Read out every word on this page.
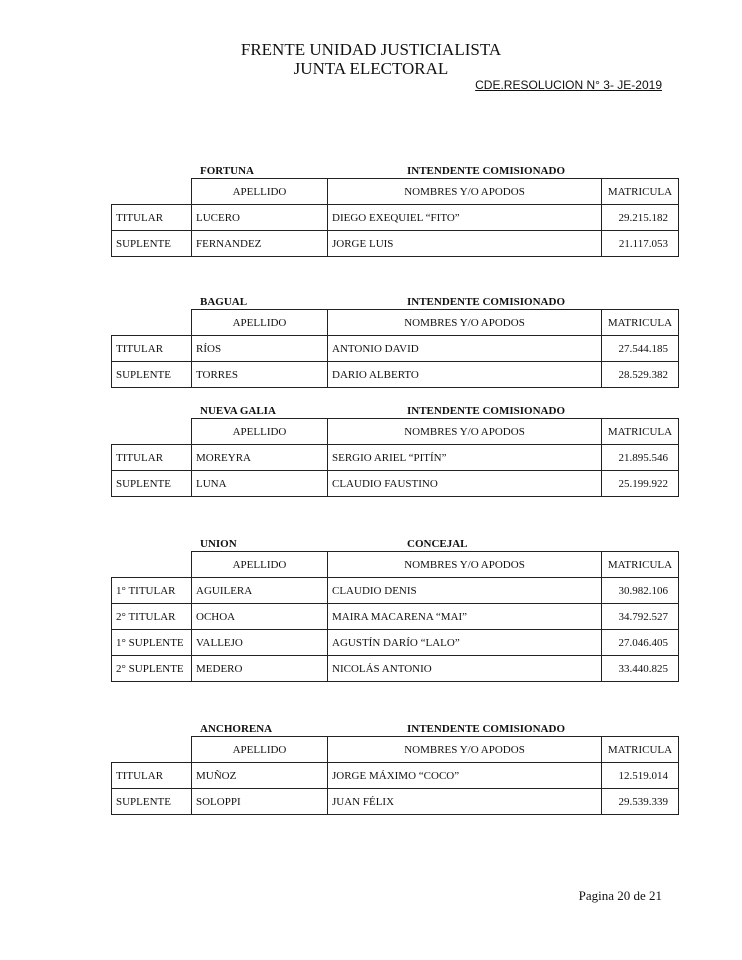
FRENTE UNIDAD JUSTICIALISTA
JUNTA ELECTORAL
CDE.RESOLUCION N° 3- JE-2019
FORTUNA	INTENDENTE COMISIONADO
	APELLIDO	NOMBRES Y/O APODOS	MATRICULA
TITULAR	LUCERO	DIEGO EXEQUIEL “FITO”	29.215.182
SUPLENTE	FERNANDEZ	JORGE LUIS	21.117.053
BAGUAL	INTENDENTE COMISIONADO
	APELLIDO	NOMBRES Y/O APODOS	MATRICULA
TITULAR	RÍOS	ANTONIO DAVID	27.544.185
SUPLENTE	TORRES	DARIO ALBERTO	28.529.382
NUEVA GALIA	INTENDENTE COMISIONADO
	APELLIDO	NOMBRES Y/O APODOS	MATRICULA
TITULAR	MOREYRA	SERGIO ARIEL “PITÍN”	21.895.546
SUPLENTE	LUNA	CLAUDIO FAUSTINO	25.199.922
UNION	CONCEJAL
	APELLIDO	NOMBRES Y/O APODOS	MATRICULA
1° TITULAR	AGUILERA	CLAUDIO DENIS	30.982.106
2° TITULAR	OCHOA	MAIRA MACARENA “MAI”	34.792.527
1° SUPLENTE	VALLEJO	AGUSTÍN DARÍO “LALO”	27.046.405
2° SUPLENTE	MEDERO	NICOLÁS ANTONIO	33.440.825
ANCHORENA	INTENDENTE COMISIONADO
	APELLIDO	NOMBRES Y/O APODOS	MATRICULA
TITULAR	MUÑOZ	JORGE MÁXIMO “COCO”	12.519.014
SUPLENTE	SOLOPPI	JUAN FÉLIX	29.539.339
Pagina 20 de 21
